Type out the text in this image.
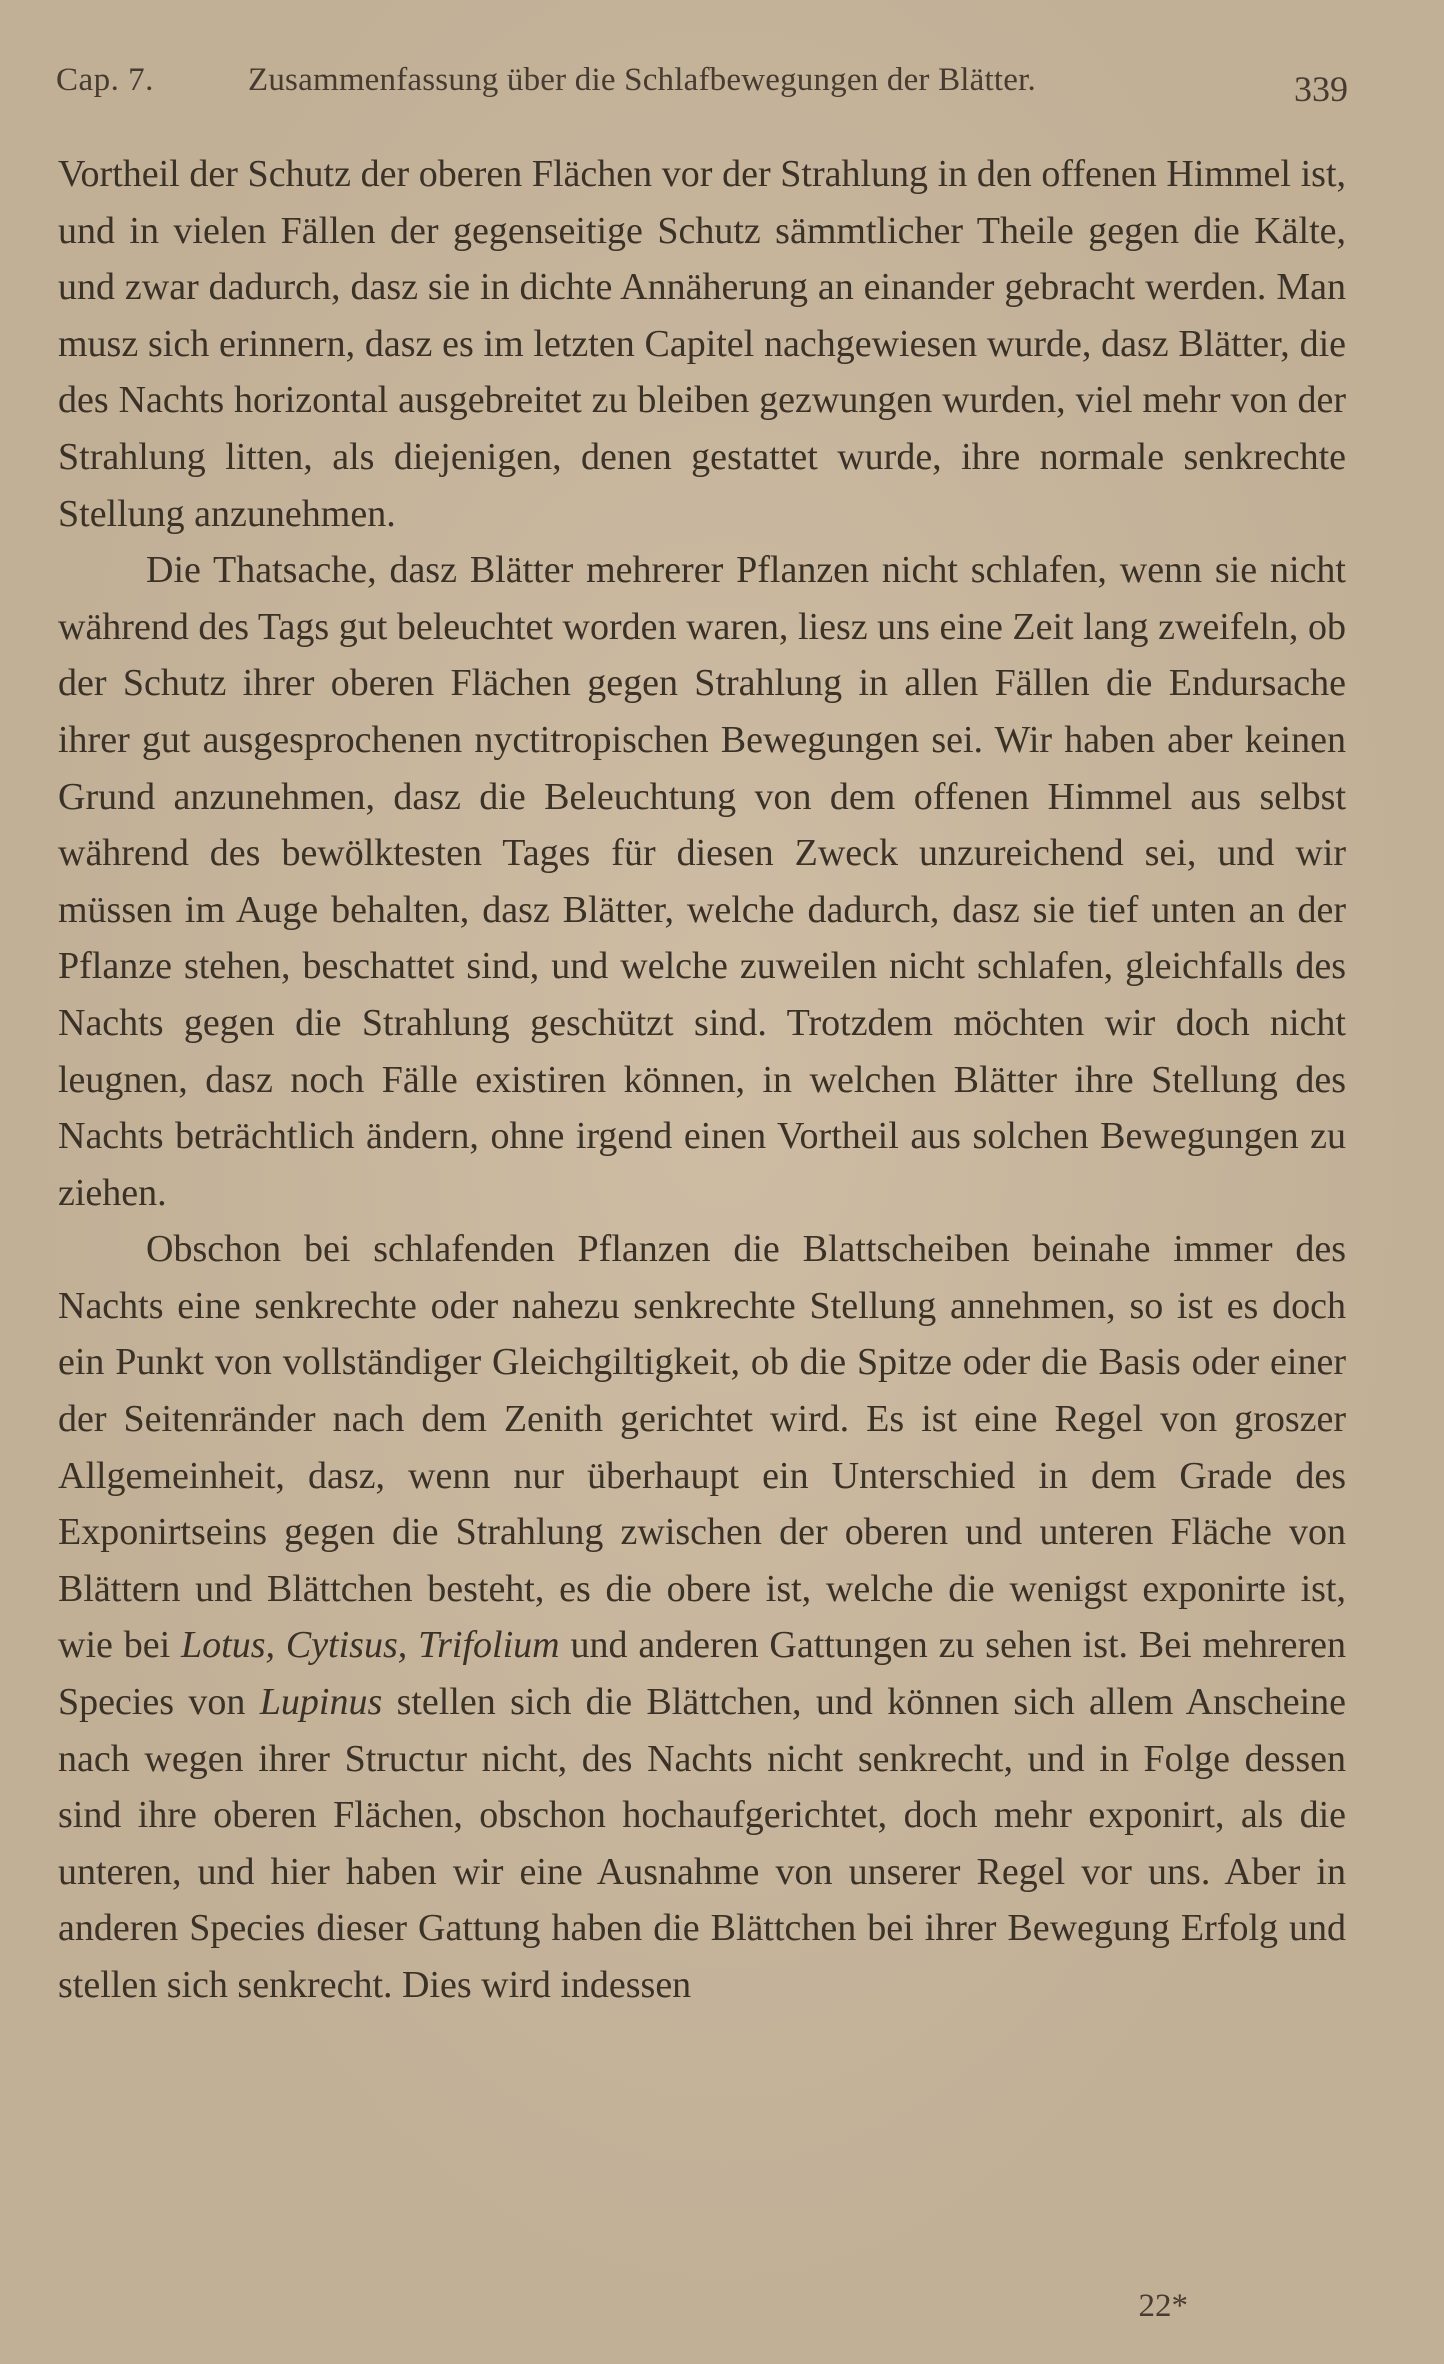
Cap. 7.	Zusammenfassung über die Schlafbewegungen der Blätter.	339

Vortheil der Schutz der oberen Flächen vor der Strahlung in den offenen Himmel ist, und in vielen Fällen der gegenseitige Schutz sämmtlicher Theile gegen die Kälte, und zwar dadurch, dasz sie in dichte Annäherung an einander gebracht werden. Man musz sich erinnern, dasz es im letzten Capitel nachgewiesen wurde, dasz Blätter, die des Nachts horizontal ausgebreitet zu bleiben gezwungen wurden, viel mehr von der Strahlung litten, als diejenigen, denen gestattet wurde, ihre normale senkrechte Stellung anzunehmen.

Die Thatsache, dasz Blätter mehrerer Pflanzen nicht schlafen, wenn sie nicht während des Tags gut beleuchtet worden waren, liesz uns eine Zeit lang zweifeln, ob der Schutz ihrer oberen Flächen gegen Strahlung in allen Fällen die Endursache ihrer gut ausgesprochenen nyctitropischen Bewegungen sei. Wir haben aber keinen Grund anzunehmen, dasz die Beleuchtung von dem offenen Himmel aus selbst während des bewölktesten Tages für diesen Zweck unzureichend sei, und wir müssen im Auge behalten, dasz Blätter, welche dadurch, dasz sie tief unten an der Pflanze stehen, beschattet sind, und welche zuweilen nicht schlafen, gleichfalls des Nachts gegen die Strahlung geschützt sind. Trotzdem möchten wir doch nicht leugnen, dasz noch Fälle existiren können, in welchen Blätter ihre Stellung des Nachts beträchtlich ändern, ohne irgend einen Vortheil aus solchen Bewegungen zu ziehen.

Obschon bei schlafenden Pflanzen die Blattscheiben beinahe immer des Nachts eine senkrechte oder nahezu senkrechte Stellung annehmen, so ist es doch ein Punkt von vollständiger Gleichgiltigkeit, ob die Spitze oder die Basis oder einer der Seitenränder nach dem Zenith gerichtet wird. Es ist eine Regel von groszer Allgemeinheit, dasz, wenn nur überhaupt ein Unterschied in dem Grade des Exponirtseins gegen die Strahlung zwischen der oberen und unteren Fläche von Blättern und Blättchen besteht, es die obere ist, welche die wenigst exponirte ist, wie bei Lotus, Cytisus, Trifolium und anderen Gattungen zu sehen ist. Bei mehreren Species von Lupinus stellen sich die Blättchen, und können sich allem Anscheine nach wegen ihrer Structur nicht, des Nachts nicht senkrecht, und in Folge dessen sind ihre oberen Flächen, obschon hochaufgerichtet, doch mehr exponirt, als die unteren, und hier haben wir eine Ausnahme von unserer Regel vor uns. Aber in anderen Species dieser Gattung haben die Blättchen bei ihrer Bewegung Erfolg und stellen sich senkrecht. Dies wird indessen

22*
